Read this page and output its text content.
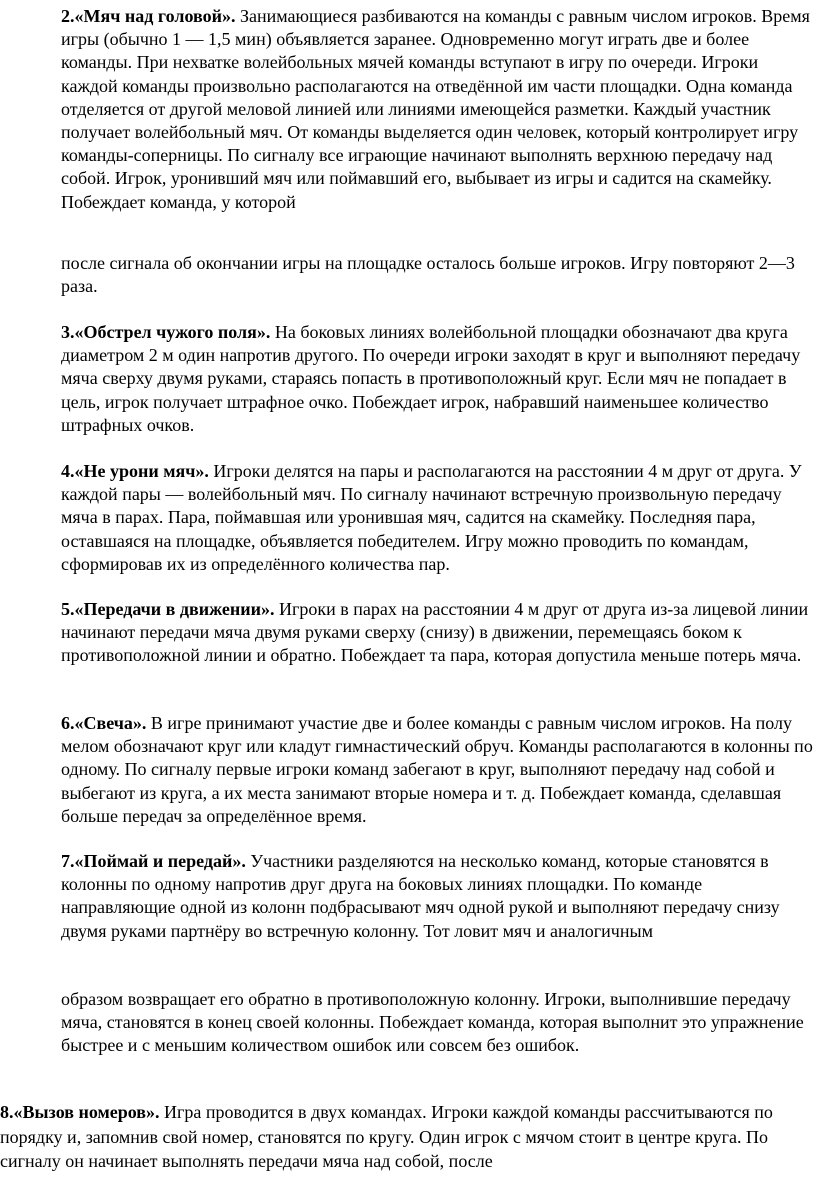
2.«Мяч над головой». Занимающиеся разбиваются на команды с равным числом игроков. Время игры (обычно 1 — 1,5 мин) объявляется заранее. Одновременно могут играть две и более команды. При нехватке волейбольных мячей команды вступают в игру по очереди. Игроки каждой команды произвольно располагаются на отведённой им части площадки. Одна команда отделяется от другой меловой линией или линиями имеющейся разметки. Каждый участник получает волейбольный мяч. От команды выделяется один человек, который контролирует игру команды-соперницы. По сигналу все играющие начинают выполнять верхнюю передачу над собой. Игрок, уронивший мяч или поймавший его, выбывает из игры и садится на скамейку. Побеждает команда, у которой

после сигнала об окончании игры на площадке осталось больше игроков. Игру повторяют 2—3 раза.

3.«Обстрел чужого поля». На боковых линиях волейбольной площадки обозначают два круга диаметром 2 м один напротив другого. По очереди игроки заходят в круг и выполняют передачу мяча сверху двумя руками, стараясь попасть в противоположный круг. Если мяч не попадает в цель, игрок получает штрафное очко. Побеждает игрок, набравший наименьшее количество штрафных очков.

4.«Не урони мяч». Игроки делятся на пары и располагаются на расстоянии 4 м друг от друга. У каждой пары — волейбольный мяч. По сигналу начинают встречную произвольную передачу мяча в парах. Пара, поймавшая или уронившая мяч, садится на скамейку. Последняя пара, оставшаяся на площадке, объявляется победителем. Игру можно проводить по командам, сформировав их из определённого количества пар.

5.«Передачи в движении». Игроки в парах на расстоянии 4 м друг от друга из-за лицевой линии начинают передачи мяча двумя руками сверху (снизу) в движении, перемещаясь боком к противоположной линии и обратно. Побеждает та пара, которая допустила меньше потерь мяча.

6.«Свеча». В игре принимают участие две и более команды с равным числом игроков. На полу мелом обозначают круг или кладут гимнастический обруч. Команды располагаются в колонны по одному. По сигналу первые игроки команд забегают в круг, выполняют передачу над собой и выбегают из круга, а их места занимают вторые номера и т. д. Побеждает команда, сделавшая больше передач за определённое время.

7.«Поймай и передай». Участники разделяются на несколько команд, которые становятся в колонны по одному напротив друг друга на боковых линиях площадки. По команде направляющие одной из колонн подбрасывают мяч одной рукой и выполняют передачу снизу двумя руками партнёру во встречную колонну. Тот ловит мяч и аналогичным

образом возвращает его обратно в противоположную колонну. Игроки, выполнившие передачу мяча, становятся в конец своей колонны. Побеждает команда, которая выполнит это упражнение быстрее и с меньшим количеством ошибок или совсем без ошибок.

8.«Вызов номеров». Игра проводится в двух командах. Игроки каждой команды рассчитываются по порядку и, запомнив свой номер, становятся по кругу. Один игрок с мячом стоит в центре круга. По сигналу он начинает выполнять передачи мяча над собой, после
